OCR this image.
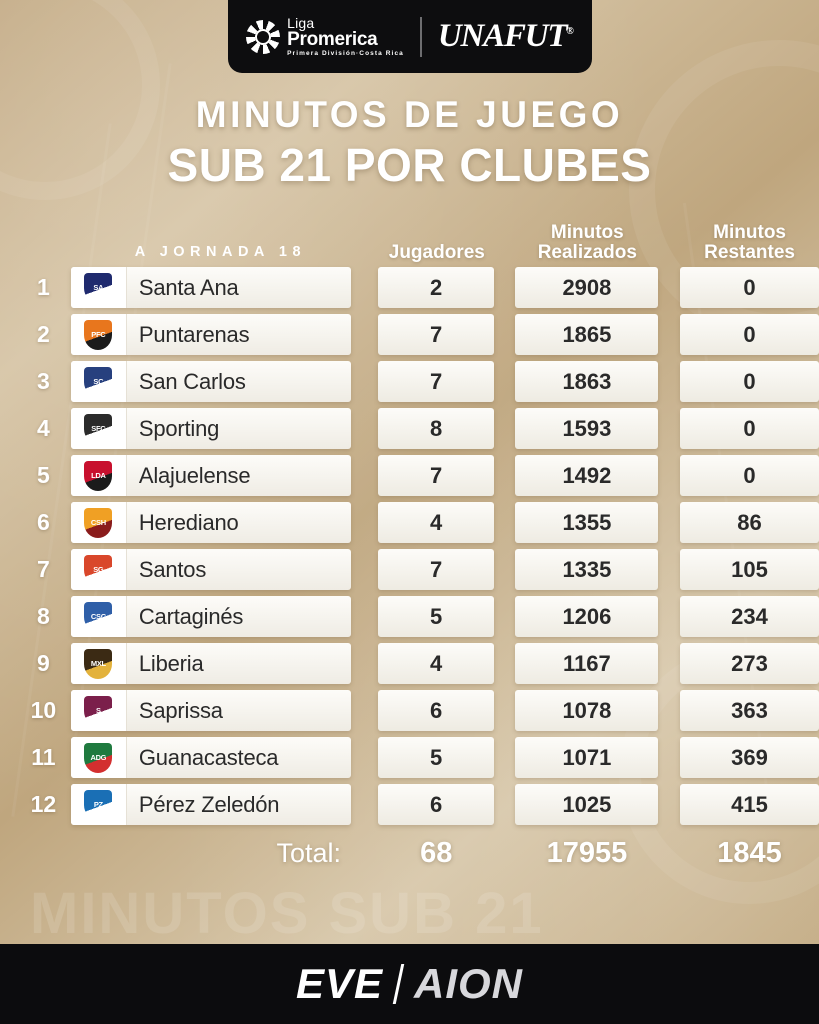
MINUTOS SUB 21
Liga
Promerica
Primera División·Costa Rica UNAFUT®
MINUTOS DE JUEGO
SUB 21 POR CLUBES
A JORNADA 18	Jugadores
Minutos
Realizados
Minutos
Restantes
1	SA	Santa Ana	2	2908	0
2	PFC	Puntarenas	7	1865	0
3	SC	San Carlos	7	1863	0
4	SFC	Sporting	8	1593	0
5	LDA	Alajuelense	7	1492	0
6	CSH	Herediano	4	1355	86
7	SG	Santos	7	1335	105
8	CSC	Cartaginés	5	1206	234
9	MXL	Liberia	4	1167	273
10	S	Saprissa	6	1078	363
11	ADG	Guanacasteca	5	1071	369
12	PZ	Pérez Zeledón	6	1025	415
Total:	68	17955	1845
EVE AION
